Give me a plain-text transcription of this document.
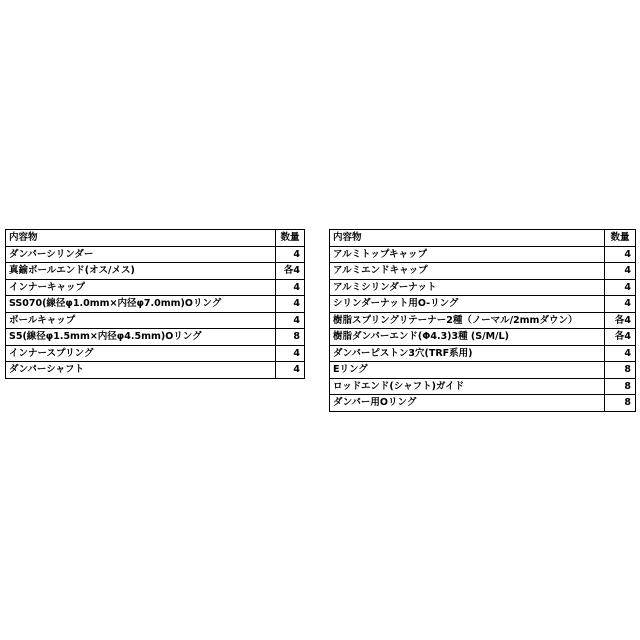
内容物	数量
ダンパーシリンダー	4
真鍮ボールエンド(オス/メス)	各4
インナーキャップ	4
SS070(線径φ1.0mm×内径φ7.0mm)Oリング	4
ボールキャップ	4
S5(線径φ1.5mm×内径φ4.5mm)Oリング	8
インナースプリング	4
ダンパーシャフト	4
内容物	数量
アルミトップキャップ	4
アルミエンドキャップ	4
アルミシリンダーナット	4
シリンダーナット用O-リング	4
樹脂スプリングリテーナー2種（ノーマル/2mmダウン）	各4
樹脂ダンパーエンド(Φ4.3)3種 (S/M/L)	各4
ダンパーピストン3穴(TRF系用)	4
Eリング	8
ロッドエンド(シャフト)ガイド	8
ダンパー用Oリング	8
